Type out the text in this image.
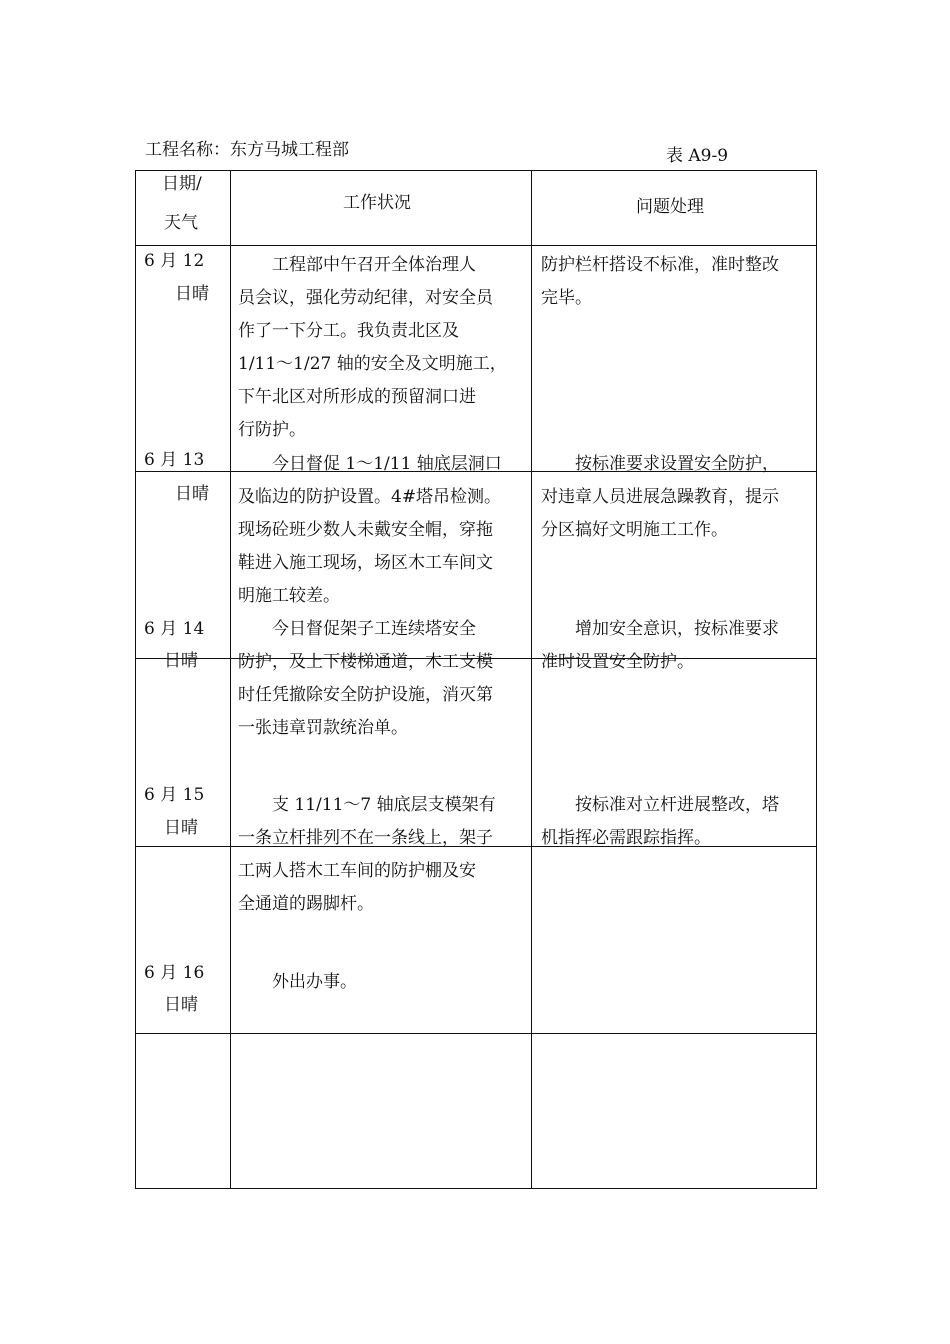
工程名称：东方马城工程部	表 A9-9
日期/
天气
工作状况	问题处理
6 月 12
日晴
　　工程部中午召开全体治理人
员会议，强化劳动纪律，对安全员
作了一下分工。我负责北区及
1/11～1/27 轴的安全及文明施工，
下午北区对所形成的预留洞口进
行防护。
防护栏杆搭设不标准，准时整改
完毕。
6 月 13
日晴
　　今日督促 1～1/11 轴底层洞口
及临边的防护设置。4#塔吊检测。
现场砼班少数人未戴安全帽，穿拖
鞋进入施工现场，场区木工车间文
明施工较差。
　　按标准要求设置安全防护，
对违章人员进展急躁教育，提示
分区搞好文明施工工作。
6 月 14
日晴
　　今日督促架子工连续塔安全
防护，及上下楼梯通道，木工支模
时任凭撤除安全防护设施，消灭第
一张违章罚款统治单。
　　增加安全意识，按标准要求
准时设置安全防护。
6 月 15
日晴
　　支 11/11～7 轴底层支模架有
一条立杆排列不在一条线上，架子
工两人搭木工车间的防护棚及安
全通道的踢脚杆。
　　按标准对立杆进展整改，塔
机指挥必需跟踪指挥。
6 月 16
日晴
　　外出办事。
